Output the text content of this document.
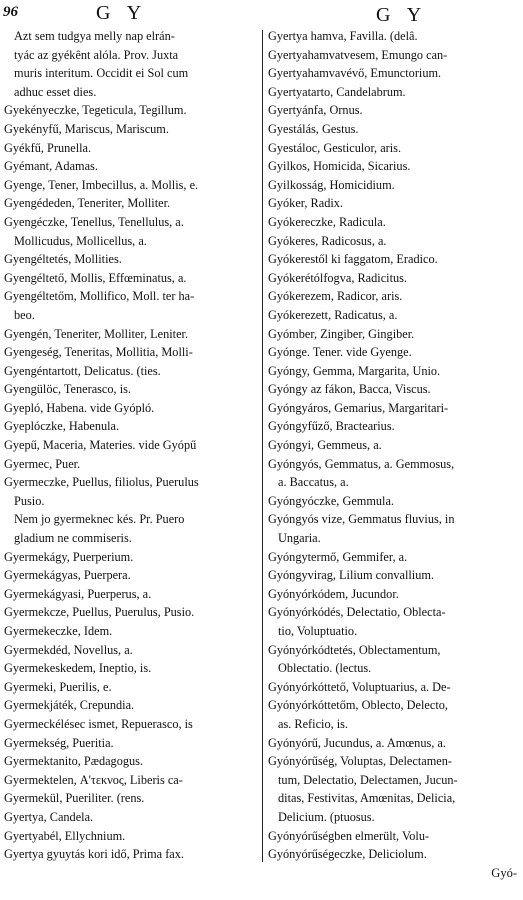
96	G Y	G Y
Azt sem tudgya melly nap elrán-
tyác az gyékênt alóla. Prov. Juxta
muris interitum. Occidit ei Sol cum
adhuc esset dies.
Gyekényeczke, Tegeticula, Tegillum.
Gyekényfű, Mariscus, Mariscum.
Gyékfű, Prunella.
Gyémant, Adamas.
Gyenge, Tener, Imbecillus, a. Mollis, e.
Gyengédeden, Teneriter, Molliter.
Gyengéczke, Tenellus, Tenellulus, a.
Mollicudus, Mollicellus, a.
Gyengéltetés, Mollities.
Gyengéltető, Mollis, Effœminatus, a.
Gyengéltetőm, Mollifico, Moll. ter ha-
beo.
Gyengén, Teneriter, Molliter, Leniter.
Gyengeség, Teneritas, Mollitia, Molli-
Gyengéntartott, Delicatus. (ties.
Gyengülöc, Tenerasco, is.
Gyepló, Habena. vide Gyópló.
Gyeplóczke, Habenula.
Gyepű, Maceria, Materies. vide Gyópű
Gyermec, Puer.
Gyermeczke, Puellus, filiolus, Puerulus
Pusio.
Nem jo gyermeknec kés. Pr. Puero
gladium ne commiseris.
Gyermekágy, Puerperium.
Gyermekágyas, Puerpera.
Gyermekágyasi, Puerperus, a.
Gyermekcze, Puellus, Puerulus, Pusio.
Gyermekeczke, Idem.
Gyermekdéd, Novellus, a.
Gyermekeskedem, Ineptio, is.
Gyermeki, Puerilis, e.
Gyermekjáték, Crepundia.
Gyermeckélésec ismet, Repuerasco, is
Gyermekség, Pueritia.
Gyermektanito, Pædagogus.
Gyermektelen, Α'τεκνος, Liberis ca-
Gyermekül, Pueriliter. (rens.
Gyertya, Candela.
Gyertyabél, Ellychnium.
Gyertya gyuytás kori idő, Prima fax.
Gyertya hamva, Favilla. (delâ.
Gyertyahamvatvesem, Emungo can-
Gyertyahamvavévő, Emunctorium.
Gyertyatarto, Candelabrum.
Gyertyánfa, Ornus.
Gyestálás, Gestus.
Gyestáloc, Gesticulor, aris.
Gyilkos, Homicida, Sicarius.
Gyilkosság, Homicidium.
Gyóker, Radix.
Gyókereczke, Radicula.
Gyókeres, Radicosus, a.
Gyókerestől ki faggatom, Eradico.
Gyókerétólfogva, Radicitus.
Gyókerezem, Radicor, aris.
Gyókerezett, Radicatus, a.
Gyómber, Zingiber, Gingiber.
Gyónge. Tener. vide Gyenge.
Gyóngy, Gemma, Margarita, Unio.
Gyóngy az fákon, Bacca, Viscus.
Gyóngyáros, Gemarius, Margaritari-
Gyóngyfűző, Bractearius.
Gyóngyi, Gemmeus, a.
Gyóngyós, Gemmatus, a. Gemmosus,
a. Baccatus, a.
Gyóngyóczke, Gemmula.
Gyóngyós vize, Gemmatus fluvius, in
Ungaria.
Gyóngytermő, Gemmifer, a.
Gyóngyvirag, Lilium convallium.
Gyónyórkódem, Jucundor.
Gyónyórkódés, Delectatio, Oblecta-
tio, Voluptuatio.
Gyónyórkódtetés, Oblectamentum,
Oblectatio. (lectus.
Gyónyórkóttető, Voluptuarius, a. De-
Gyónyórkóttetőm, Oblecto, Delecto,
as. Reficio, is.
Gyónyórű, Jucundus, a. Amœnus, a.
Gyónyórűség, Voluptas, Delectamen-
tum, Delectatio, Delectamen, Jucun-
ditas, Festivitas, Amœnitas, Delicia,
Delicium. (ptuosus.
Gyónyórűségben elmerült, Volu-
Gyónyórűségeczke, Deliciolum.
Gyó-
